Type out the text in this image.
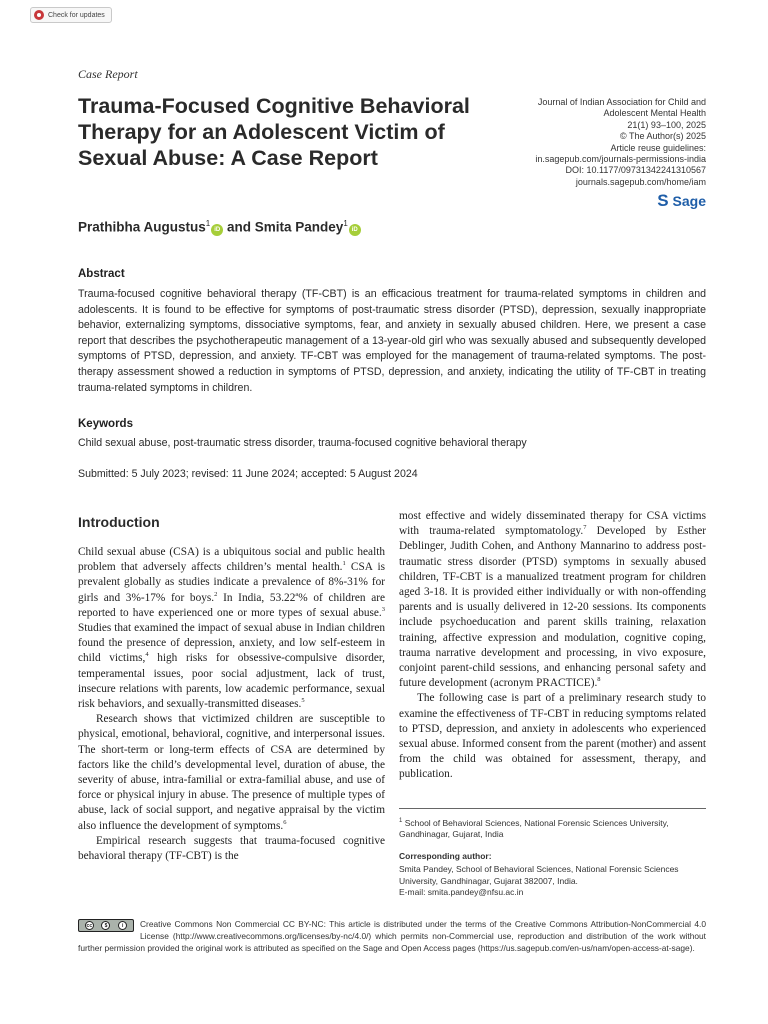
Check for updates
Case Report
Trauma-Focused Cognitive Behavioral Therapy for an Adolescent Victim of Sexual Abuse: A Case Report
Journal of Indian Association for Child and
Adolescent Mental Health
21(1) 93–100, 2025
© The Author(s) 2025
Article reuse guidelines:
in.sagepub.com/journals-permissions-india
DOI: 10.1177/09731342241310567
journals.sagepub.com/home/iam
S Sage
Prathibha Augustus$^1$iD and Smita Pandey$^1$iD
Abstract

Trauma-focused cognitive behavioral therapy (TF-CBT) is an efficacious treatment for trauma-related symptoms in children and adolescents. It is found to be effective for symptoms of post-traumatic stress disorder (PTSD), depression, sexually inappropriate behavior, externalizing symptoms, dissociative symptoms, fear, and anxiety in sexually abused children. Here, we present a case report that describes the psychotherapeutic management of a 13-year-old girl who was sexually abused and subsequently developed symptoms of PTSD, depression, and anxiety. TF-CBT was employed for the management of trauma-related symptoms. The post-therapy assessment showed a reduction in symptoms of PTSD, depression, and anxiety, indicating the utility of TF-CBT in treating trauma-related symptoms in children.

Keywords
Child sexual abuse, post-traumatic stress disorder, trauma-focused cognitive behavioral therapy
Submitted: 5 July 2023; revised: 11 June 2024; accepted: 5 August 2024
Introduction

Child sexual abuse (CSA) is a ubiquitous social and public health problem that adversely affects children’s mental health.$^1$ CSA is prevalent globally as studies indicate a prevalence of 8%-31% for girls and 3%-17% for boys.$^2$ In India, 53.22$^a$% of children are reported to have experienced one or more types of sexual abuse.$^3$ Studies that examined the impact of sexual abuse in Indian children found the presence of depression, anxiety, and low self-esteem in child victims,$^4$ high risks for obsessive-compulsive disorder, temperamental issues, poor social adjustment, lack of trust, insecure relations with parents, low academic performance, sexual risk behaviors, and sexually-transmitted diseases.$^5$

Research shows that victimized children are susceptible to physical, emotional, behavioral, cognitive, and interpersonal issues. The short-term or long-term effects of CSA are determined by factors like the child’s developmental level, duration of abuse, the severity of abuse, intra-familial or extra-familial abuse, and use of force or physical injury in abuse. The presence of multiple types of abuse, lack of social support, and negative appraisal by the victim also influence the development of symptoms.$^6$

Empirical research suggests that trauma-focused cognitive behavioral therapy (TF-CBT) is the

most effective and widely disseminated therapy for CSA victims with trauma-related symptomatology.$^7$ Developed by Esther Deblinger, Judith Cohen, and Anthony Mannarino to address post-traumatic stress disorder (PTSD) symptoms in sexually abused children, TF-CBT is a manualized treatment program for children aged 3-18. It is provided either individually or with non-offending parents and is usually delivered in 12-20 sessions. Its components include psychoeducation and parent skills training, relaxation training, affective expression and modulation, cognitive coping, trauma narrative development and processing, in vivo exposure, conjoint parent-child sessions, and enhancing personal safety and future development (acronym PRACTICE).$^8$

The following case is part of a preliminary research study to examine the effectiveness of TF-CBT in reducing symptoms related to PTSD, depression, and anxiety in adolescents who experienced sexual abuse. Informed consent from the parent (mother) and assent from the child was obtained for assessment, therapy, and publication.

$^1$ School of Behavioral Sciences, National Forensic Sciences University, Gandhinagar, Gujarat, India
Corresponding author:
Smita Pandey, School of Behavioral Sciences, National Forensic Sciences University, Gandhinagar, Gujarat 382007, India.
E-mail: smita.pandey@nfsu.ac.in
cc	$	i	Creative Commons Non Commercial CC BY-NC: This article is distributed under the terms of the Creative Commons Attribution-NonCommercial 4.0 License (http://www.creativecommons.org/licenses/by-nc/4.0/) which permits non-Commercial use, reproduction and distribution of the work without further permission provided the original work is attributed as specified on the Sage and Open Access pages (https://us.sagepub.com/en-us/nam/open-access-at-sage).
